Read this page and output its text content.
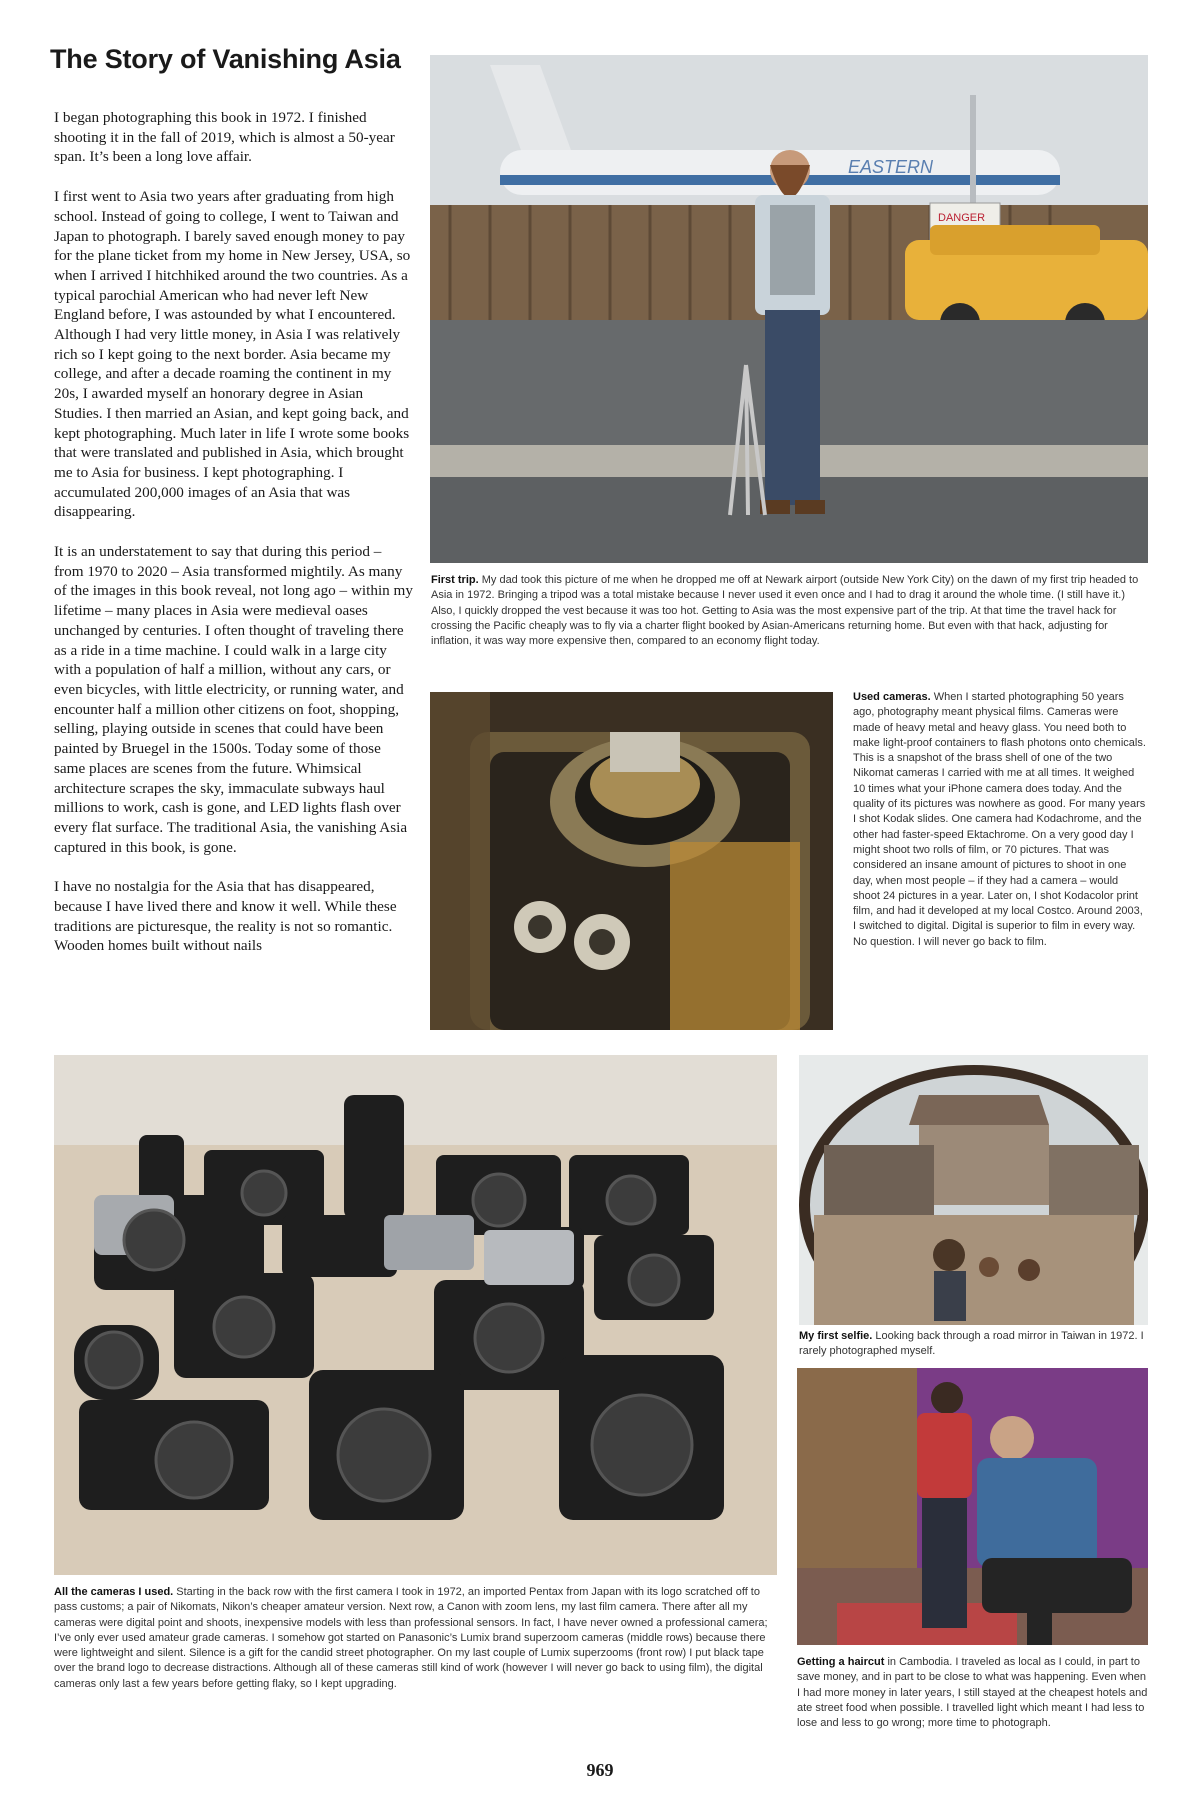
The Story of Vanishing Asia

I began photographing this book in 1972. I finished shooting it in the fall of 2019, which is almost a 50-year span. It’s been a long love affair.

I first went to Asia two years after graduating from high school. Instead of going to college, I went to Taiwan and Japan to photograph. I barely saved enough money to pay for the plane ticket from my home in New Jersey, USA, so when I arrived I hitchhiked around the two countries. As a typical parochial American who had never left New England before, I was astounded by what I encountered. Although I had very little money, in Asia I was relatively rich so I kept going to the next border. Asia became my college, and after a decade roaming the continent in my 20s, I awarded myself an honorary degree in Asian Studies. I then married an Asian, and kept going back, and kept photographing. Much later in life I wrote some books that were translated and published in Asia, which brought me to Asia for business. I kept photographing. I accumulated 200,000 images of an Asia that was disappearing.

It is an understatement to say that during this period – from 1970 to 2020 – Asia transformed mightily. As many of the images in this book reveal, not long ago – within my lifetime – many places in Asia were medieval oases unchanged by centuries. I often thought of traveling there as a ride in a time machine. I could walk in a large city with a population of half a million, without any cars, or even bicycles, with little electricity, or running water, and encounter half a million other citizens on foot, shopping, selling, playing outside in scenes that could have been painted by Bruegel in the 1500s. Today some of those same places are scenes from the future. Whimsical architecture scrapes the sky, immaculate subways haul millions to work, cash is gone, and LED lights flash over every flat surface. The traditional Asia, the vanishing Asia captured in this book, is gone.

I have no nostalgia for the Asia that has disappeared, because I have lived there and know it well. While these traditions are picturesque, the reality is not so romantic. Wooden homes built without nails

EASTERN
DANGER
First trip. My dad took this picture of me when he dropped me off at Newark airport (outside New York City) on the dawn of my first trip headed to Asia in 1972. Bringing a tripod was a total mistake because I never used it even once and I had to drag it around the whole time. (I still have it.) Also, I quickly dropped the vest because it was too hot. Getting to Asia was the most expensive part of the trip. At that time the travel hack for crossing the Pacific cheaply was to fly via a charter flight booked by Asian-Americans returning home. But even with that hack, adjusting for inflation, it was way more expensive then, compared to an economy flight today.
Used cameras. When I started photographing 50 years ago, photography meant physical films. Cameras were made of heavy metal and heavy glass. You need both to make light-proof containers to flash photons onto chemicals. This is a snapshot of the brass shell of one of the two Nikomat cameras I carried with me at all times. It weighed 10 times what your iPhone camera does today. And the quality of its pictures was nowhere as good. For many years I shot Kodak slides. One camera had Kodachrome, and the other had faster-speed Ektachrome. On a very good day I might shoot two rolls of film, or 70 pictures. That was considered an insane amount of pictures to shoot in one day, when most people – if they had a camera – would shoot 24 pictures in a year. Later on, I shot Kodacolor print film, and had it developed at my local Costco. Around 2003, I switched to digital. Digital is superior to film in every way. No question. I will never go back to film.
All the cameras I used. Starting in the back row with the first camera I took in 1972, an imported Pentax from Japan with its logo scratched off to pass customs; a pair of Nikomats, Nikon’s cheaper amateur version. Next row, a Canon with zoom lens, my last film camera. There after all my cameras were digital point and shoots, inexpensive models with less than professional sensors. In fact, I have never owned a professional camera; I’ve only ever used amateur grade cameras. I somehow got started on Panasonic’s Lumix brand superzoom cameras (middle rows) because there were lightweight and silent. Silence is a gift for the candid street photographer. On my last couple of Lumix superzooms (front row) I put black tape over the brand logo to decrease distractions. Although all of these cameras still kind of work (however I will never go back to using film), the digital cameras only last a few years before getting flaky, so I kept upgrading.
My first selfie. Looking back through a road mirror in Taiwan in 1972. I rarely photographed myself.
Getting a haircut in Cambodia. I traveled as local as I could, in part to save money, and in part to be close to what was happening. Even when I had more money in later years, I still stayed at the cheapest hotels and ate street food when possible. I travelled light which meant I had less to lose and less to go wrong; more time to photograph.
969
